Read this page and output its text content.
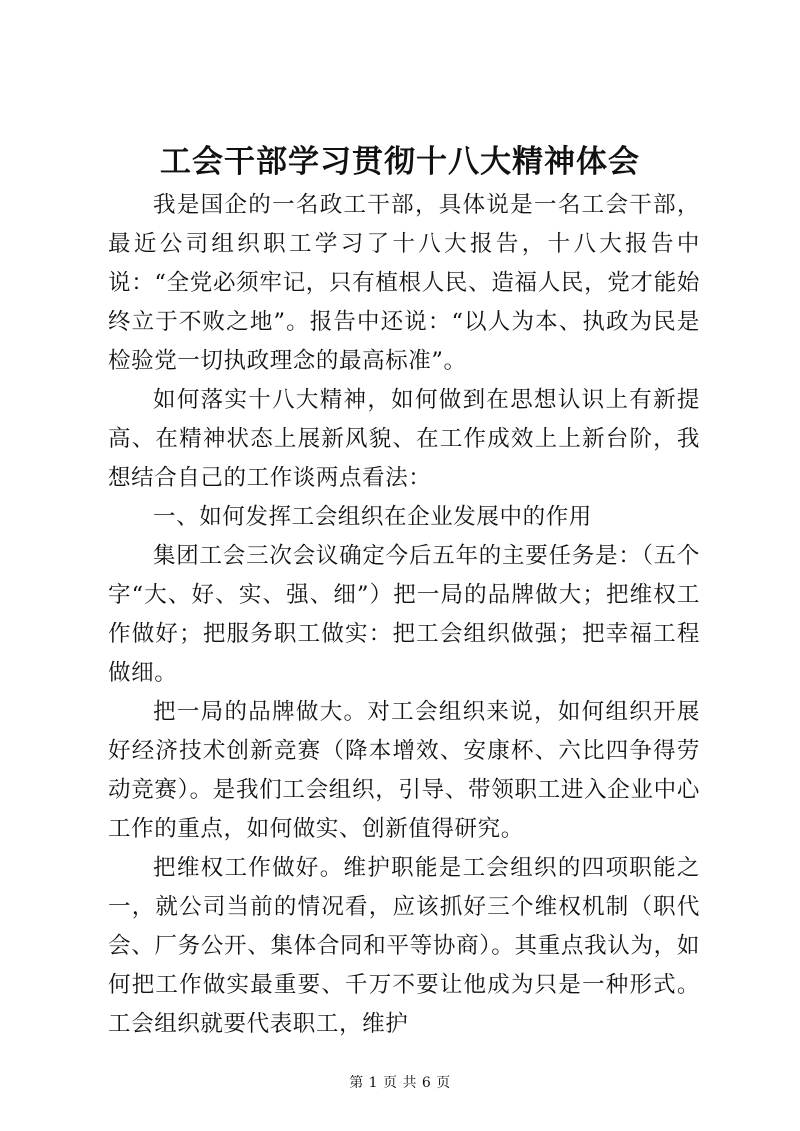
工会干部学习贯彻十八大精神体会

我是国企的一名政工干部，具体说是一名工会干部，最近公司组织职工学习了十八大报告，十八大报告中说：“全党必须牢记，只有植根人民、造福人民，党才能始终立于不败之地”。报告中还说：“以人为本、执政为民是检验党一切执政理念的最高标准”。

如何落实十八大精神，如何做到在思想认识上有新提高、在精神状态上展新风貌、在工作成效上上新台阶，我想结合自己的工作谈两点看法：

一、如何发挥工会组织在企业发展中的作用

集团工会三次会议确定今后五年的主要任务是：（五个字“大、好、实、强、细”）把一局的品牌做大；把维权工作做好；把服务职工做实：把工会组织做强；把幸福工程做细。

把一局的品牌做大。对工会组织来说，如何组织开展好经济技术创新竞赛（降本增效、安康杯、六比四争得劳动竞赛）。是我们工会组织，引导、带领职工进入企业中心工作的重点，如何做实、创新值得研究。

把维权工作做好。维护职能是工会组织的四项职能之一，就公司当前的情况看，应该抓好三个维权机制（职代会、厂务公开、集体合同和平等协商）。其重点我认为，如何把工作做实最重要、千万不要让他成为只是一种形式。工会组织就要代表职工，维护

第 1 页 共 6 页
